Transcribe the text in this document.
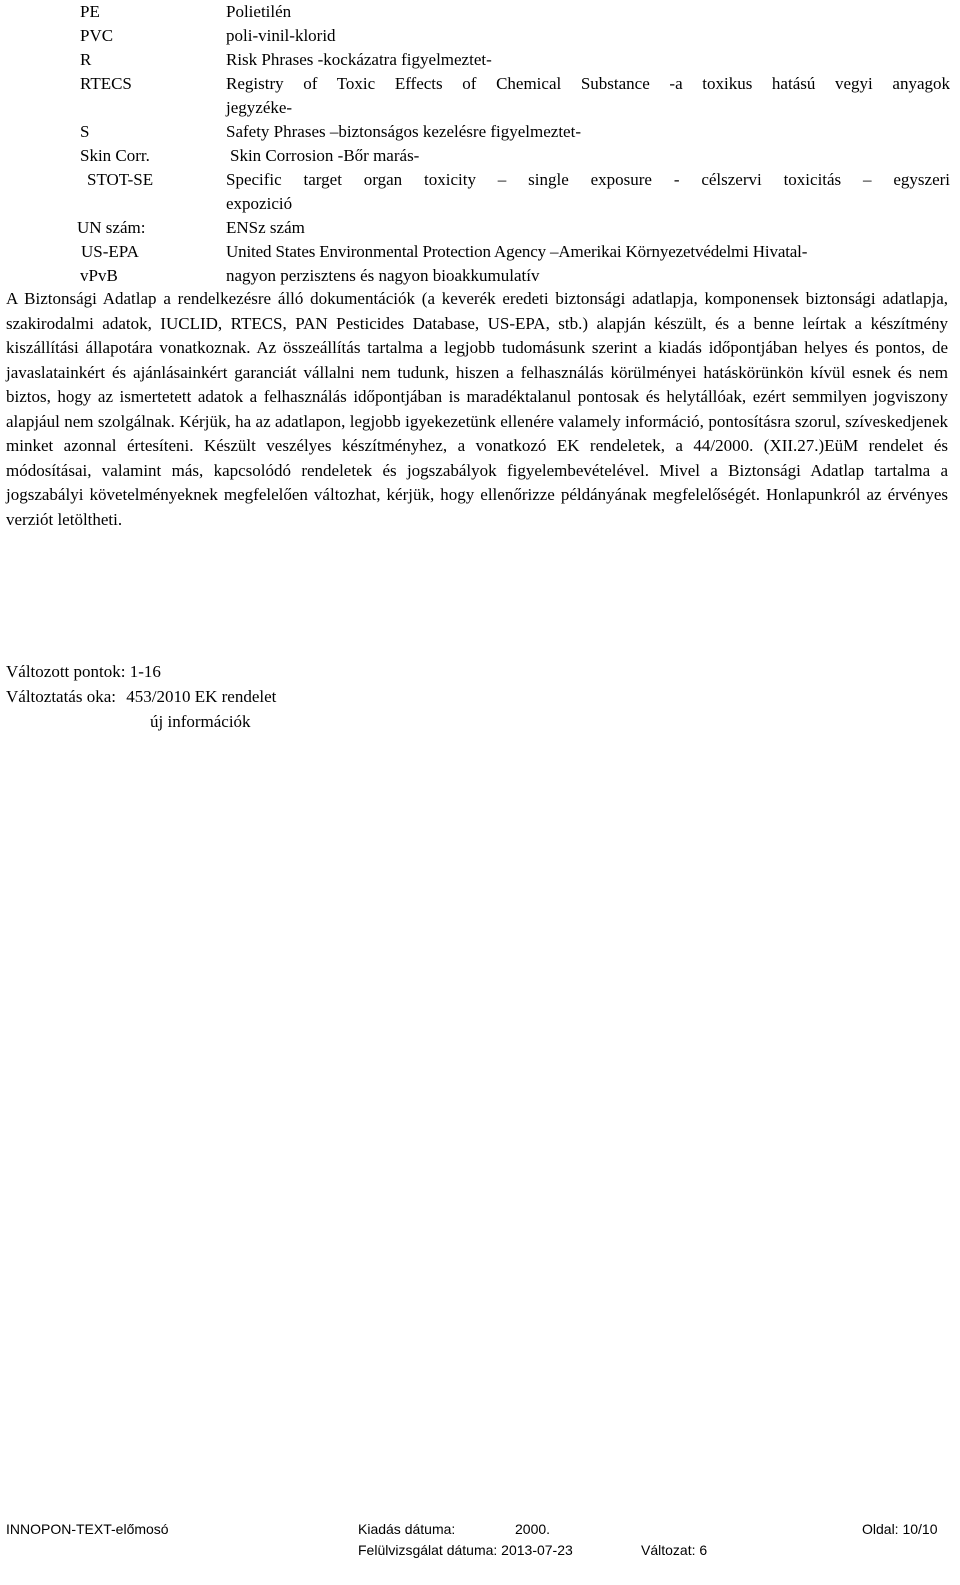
PE	Polietilén
PVC	poli-vinil-klorid
R	Risk Phrases -kockázatra figyelmeztet-
RTECS	Registry of Toxic Effects of Chemical Substance -a toxikus hatású vegyi anyagok
jegyzéke-
S	Safety Phrases –biztonságos kezelésre figyelmeztet-
Skin Corr.	Skin Corrosion -Bőr marás-
STOT-SE	Specific target organ toxicity – single exposure - célszervi toxicitás – egyszeri
expozició
UN szám:	ENSz szám
US-EPA	United States Environmental Protection Agency –Amerikai Környezetvédelmi Hivatal-
vPvB	nagyon perzisztens és nagyon bioakkumulatív

A Biztonsági Adatlap a rendelkezésre álló dokumentációk (a keverék eredeti biztonsági adatlapja, komponensek biztonsági adatlapja, szakirodalmi adatok, IUCLID, RTECS, PAN Pesticides Database, US-EPA, stb.) alapján készült, és a benne leírtak a készítmény kiszállítási állapotára vonatkoznak. Az összeállítás tartalma a legjobb tudomásunk szerint a kiadás időpontjában helyes és pontos, de javaslatainkért és ajánlásainkért garanciát vállalni nem tudunk, hiszen a felhasználás körülményei hatáskörünkön kívül esnek és nem biztos, hogy az ismertetett adatok a felhasználás időpontjában is maradéktalanul pontosak és helytállóak, ezért semmilyen jogviszony alapjául nem szolgálnak. Kérjük, ha az adatlapon, legjobb igyekezetünk ellenére valamely információ, pontosításra szorul, szíveskedjenek minket azonnal értesíteni. Készült veszélyes készítményhez, a vonatkozó EK rendeletek, a 44/2000. (XII.27.)EüM rendelet és módosításai, valamint más, kapcsolódó rendeletek és jogszabályok figyelembevételével. Mivel a Biztonsági Adatlap tartalma a jogszabályi követelményeknek megfelelően változhat, kérjük, hogy ellenőrizze példányának megfelelőségét. Honlapunkról az érvényes verziót letöltheti.

Változott pontok: 1-16
Változtatás oka: 453/2010 EK rendelet
új információk
INNOPON-TEXT-előmosó	Kiadás dátuma:	2000.	Oldal: 10/10
Felülvizsgálat dátuma: 2013-07-23	Változat: 6
